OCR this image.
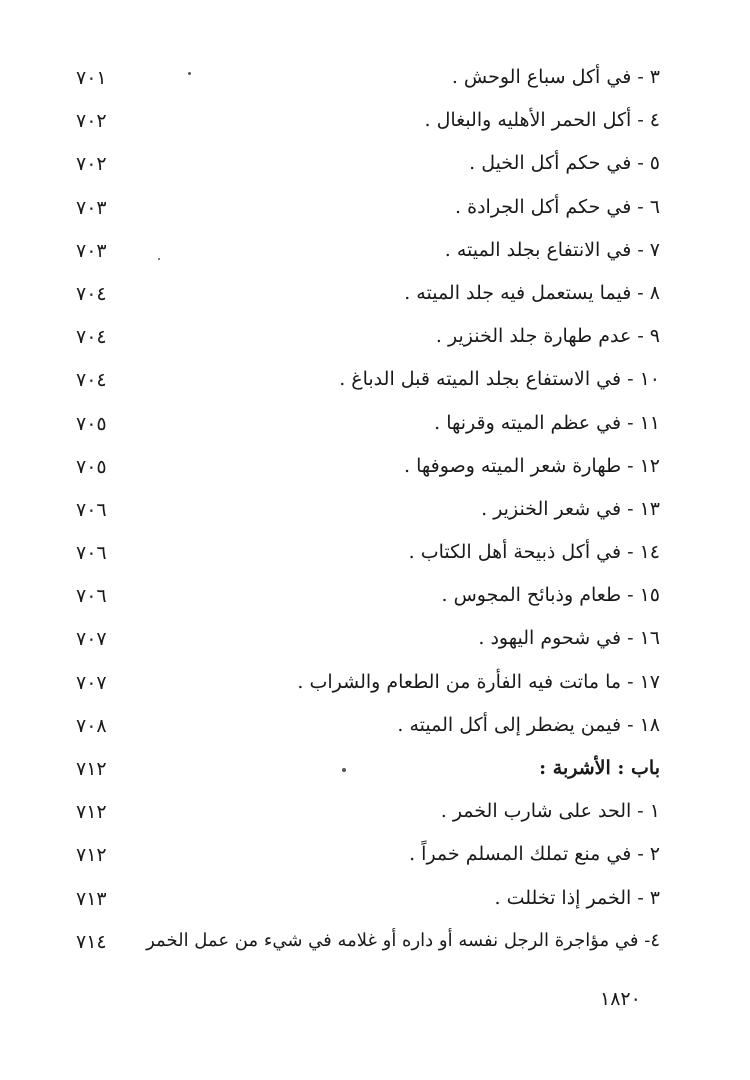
٣ - في أكل سباع الوحش .
٧٠١
٤ - أكل الحمر الأهليه والبغال .
٧٠٢
٥ - في حكم أكل الخيل .
٧٠٢
٦ - في حكم أكل الجرادة .
٧٠٣
٧ - في الانتفاع بجلد الميته .
٧٠٣
٨ - فيما يستعمل فيه جلد الميته .
٧٠٤
٩ - عدم طهارة جلد الخنزير .
٧٠٤
١٠ - في الاستفاع بجلد الميته قبل الدباغ .
٧٠٤
١١ - في عظم الميته وقرنها .
٧٠٥
١٢ - طهارة شعر الميته وصوفها .
٧٠٥
١٣ - في شعر الخنزير .
٧٠٦
١٤ - في أكل ذبيحة أهل الكتاب .
٧٠٦
١٥ - طعام وذبائح المجوس .
٧٠٦
١٦ - في شحوم اليهود .
٧٠٧
١٧ - ما ماتت فيه الفأرة من الطعام والشراب .
٧٠٧
١٨ - فيمن يضطر إلى أكل الميته .
٧٠٨
باب : الأشربة :
٧١٢
١ - الحد على شارب الخمر .
٧١٢
٢ - في منع تملك المسلم خمراً .
٧١٢
٣ - الخمر إذا تخللت .
٧١٣
٤- في مؤاجرة الرجل نفسه أو داره أو غلامه في شيء من عمل الخمر
٧١٤
١٨٢٠
